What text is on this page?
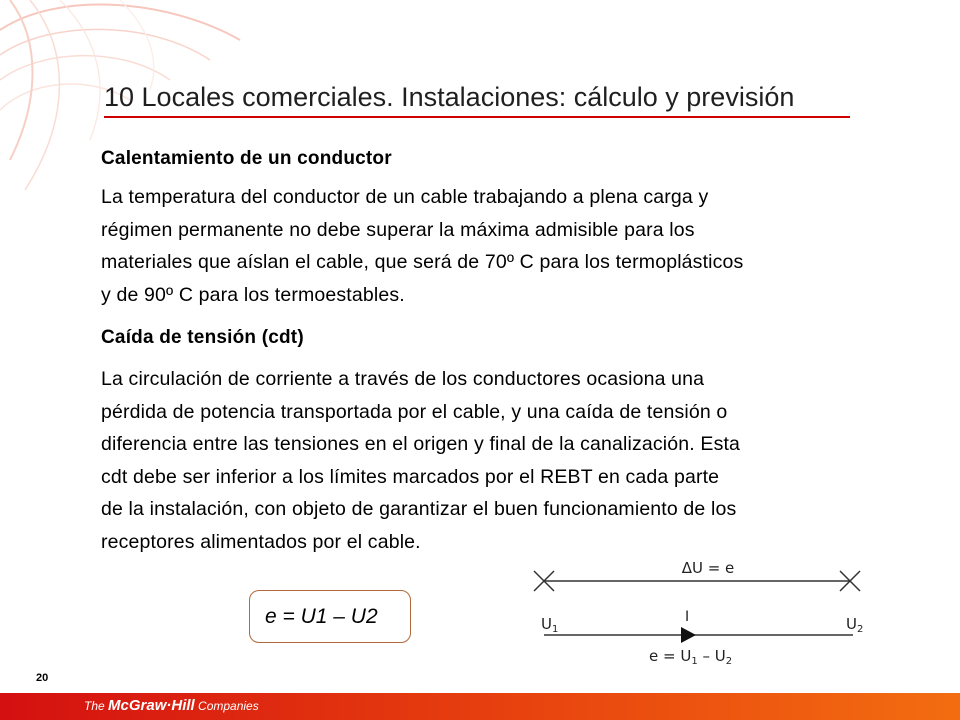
10 Locales comerciales. Instalaciones: cálculo y previsión
Calentamiento de un conductor
La temperatura del conductor de un cable trabajando a plena carga y
régimen permanente no debe superar la máxima admisible para los
materiales que aíslan el cable, que será de 70º C para los termoplásticos
y de 90º C para los termoestables.
Caída de tensión (cdt)
La circulación de corriente a través de los conductores ocasiona una
pérdida de potencia transportada por el cable, y una caída de tensión o
diferencia entre las tensiones en el origen y final de la canalización. Esta
cdt debe ser inferior a los límites marcados por el REBT en cada parte
de la instalación, con objeto de garantizar el buen funcionamiento de los
receptores alimentados por el cable.
e = U1 – U2
ΔU = e
I
$U_1$	$U_2$
$e = U_1 - U_2$
20
The McGraw·Hill Companies
